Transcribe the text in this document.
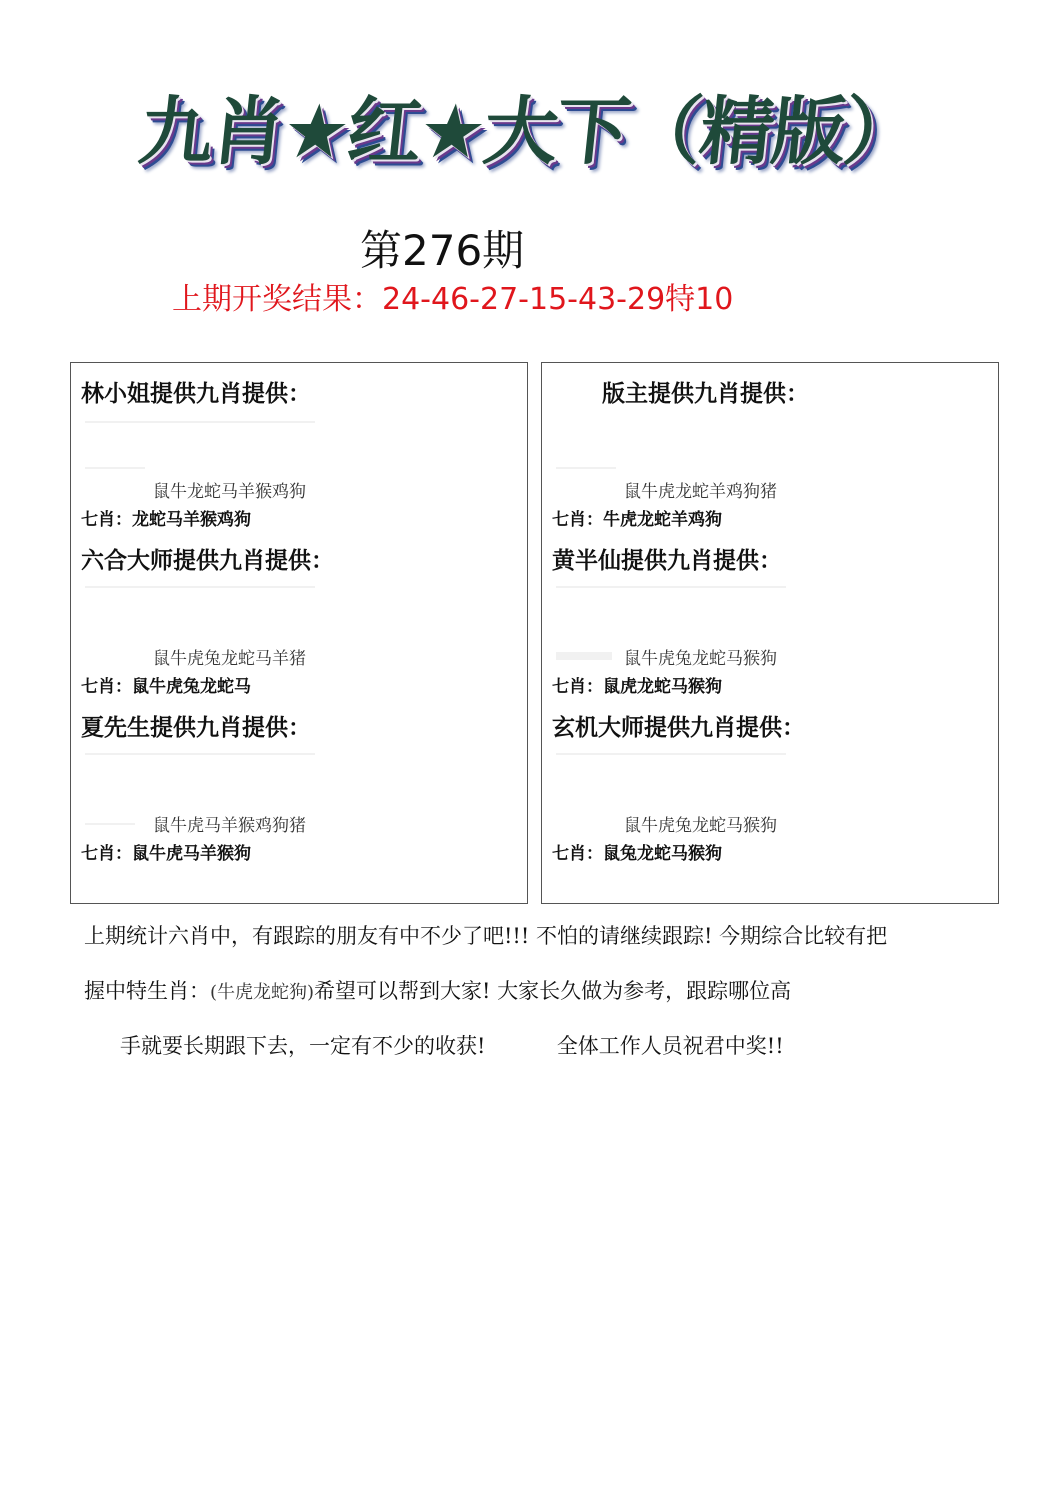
九肖★红★大下（精版）
第276期
上期开奖结果：24-46-27-15-43-29特10
林小姐提供九肖提供：
鼠牛龙蛇马羊猴鸡狗
七肖：龙蛇马羊猴鸡狗
六合大师提供九肖提供：
鼠牛虎兔龙蛇马羊猪
七肖：鼠牛虎兔龙蛇马
夏先生提供九肖提供：
鼠牛虎马羊猴鸡狗猪
七肖：鼠牛虎马羊猴狗
版主提供九肖提供：
鼠牛虎龙蛇羊鸡狗猪
七肖：牛虎龙蛇羊鸡狗
黄半仙提供九肖提供：
鼠牛虎兔龙蛇马猴狗
七肖：鼠虎龙蛇马猴狗
玄机大师提供九肖提供：
鼠牛虎兔龙蛇马猴狗
七肖：鼠兔龙蛇马猴狗
上期统计六肖中，有跟踪的朋友有中不少了吧!!! 不怕的请继续跟踪! 今期综合比较有把
握中特生肖：(牛虎龙蛇狗)希望可以帮到大家! 大家长久做为参考，跟踪哪位高
手就要长期跟下去，一定有不少的收获!	全体工作人员祝君中奖!!
